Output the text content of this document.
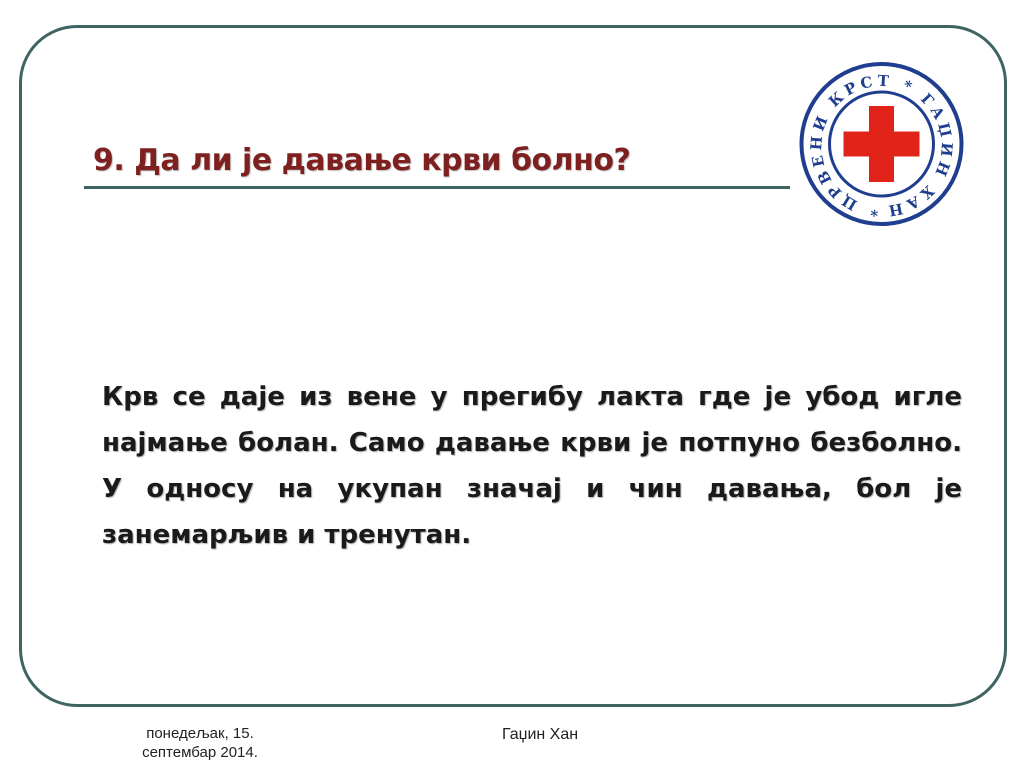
9. Да ли је давање крви болно?
* ЦРВЕНИ КРСТ * ГАЏИН ХАН

Крв се даје из вене у прегибу лакта где је убод игле најмање болан. Само давање крви је потпуно безболно. У односу на укупан значај и чин давања, бол је занемарљив и тренутан.

понедељак, 15. септембар 2014.
Гаџин Хан
